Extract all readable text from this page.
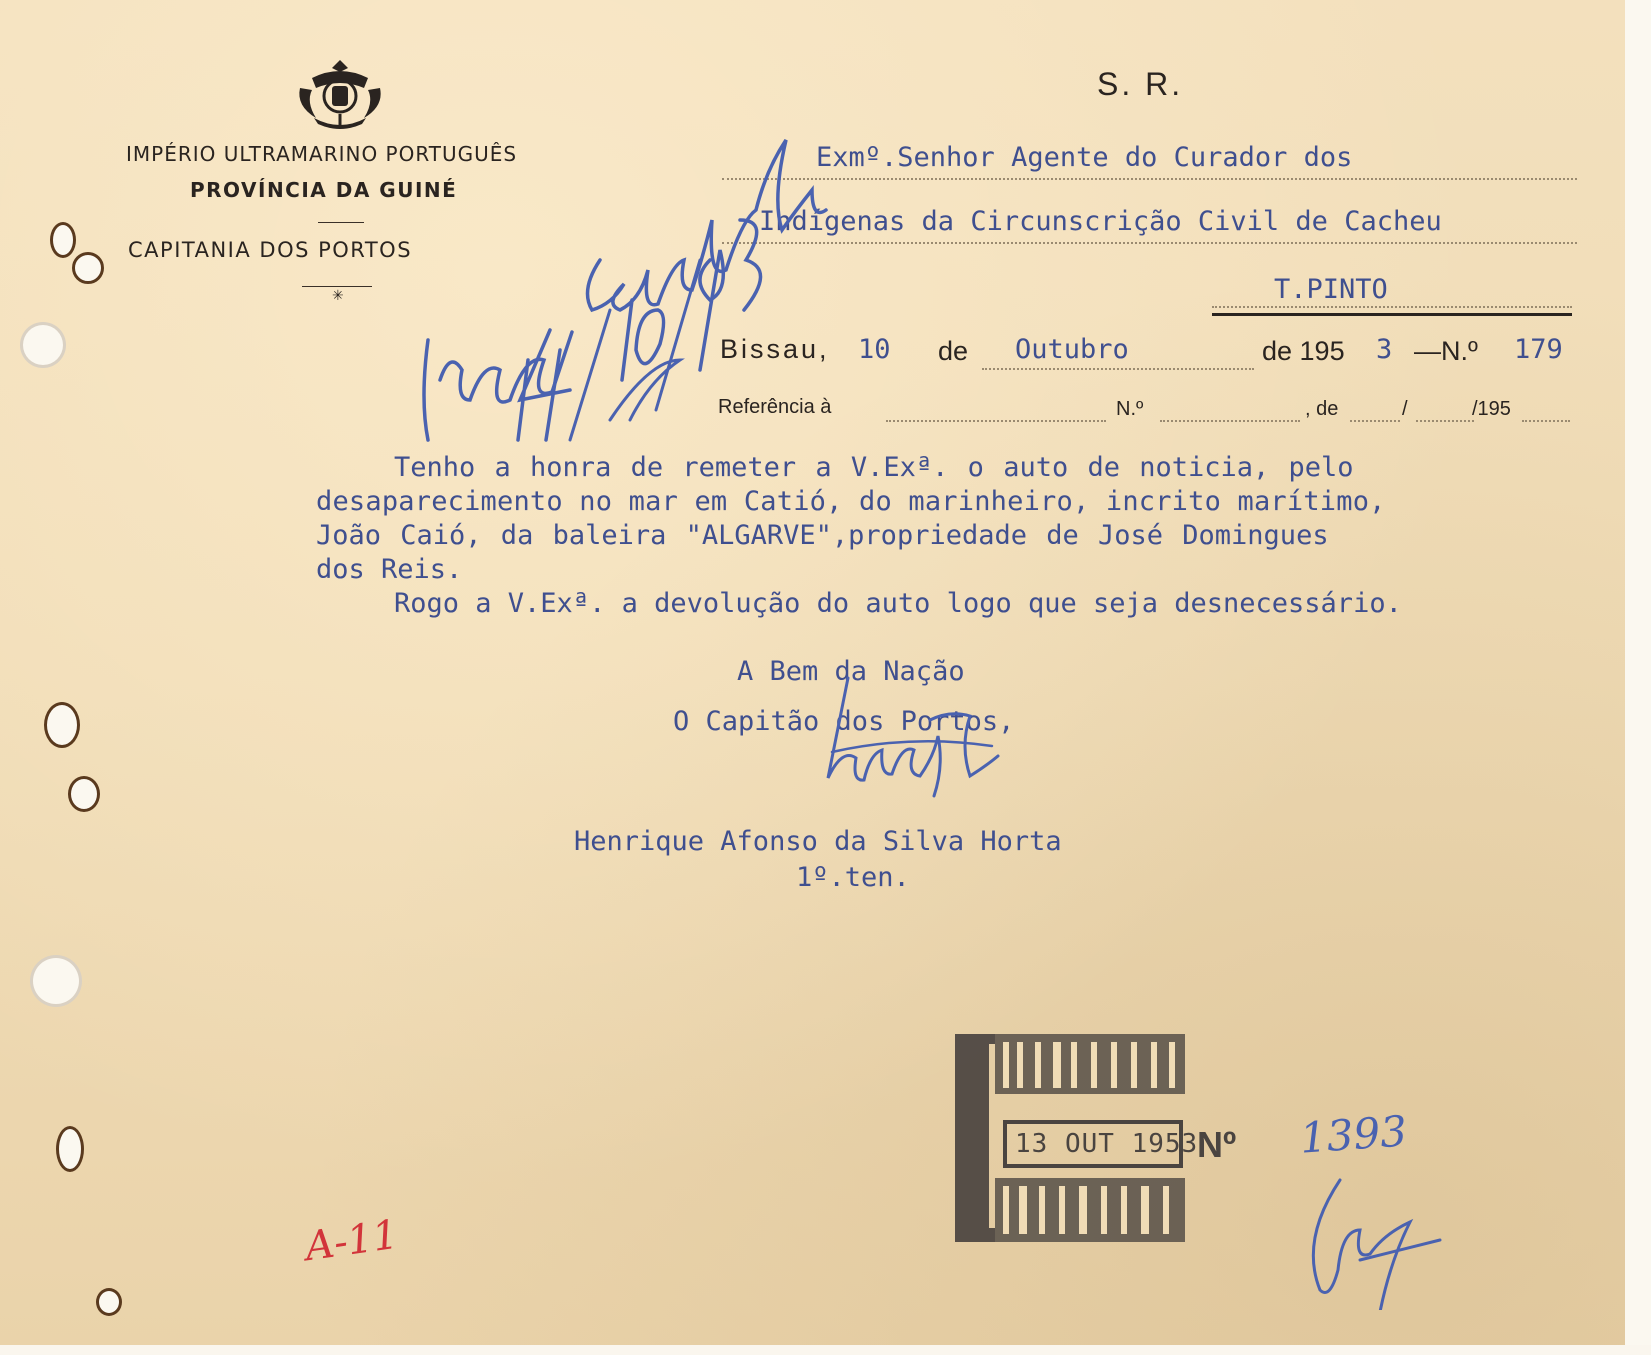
IMPÉRIO ULTRAMARINO PORTUGUÊS
PROVÍNCIA DA GUINÉ
CAPITANIA DOS PORTOS
✳
S. R.
Exmº.Senhor Agente do Curador dos
Indígenas da Circunscrição Civil de Cacheu
T.PINTO
Bissau, 10 de Outubro	de 195 3 —N.º 179
Referência à	N.º	, de	/	/195
Tenho a honra de remeter a V.Exª. o auto de noticia, pelo
desaparecimento no mar em Catió, do marinheiro, incrito marítimo,
João Caió, da baleira "ALGARVE",propriedade de José Domingues
dos Reis.
Rogo a V.Exª. a devolução do auto logo que seja desnecessário.
A Bem da Nação
O Capitão dos Portos,
Henrique Afonso da Silva Horta
1º.ten.
13 OUT 1953
Nº 1393
A-11
